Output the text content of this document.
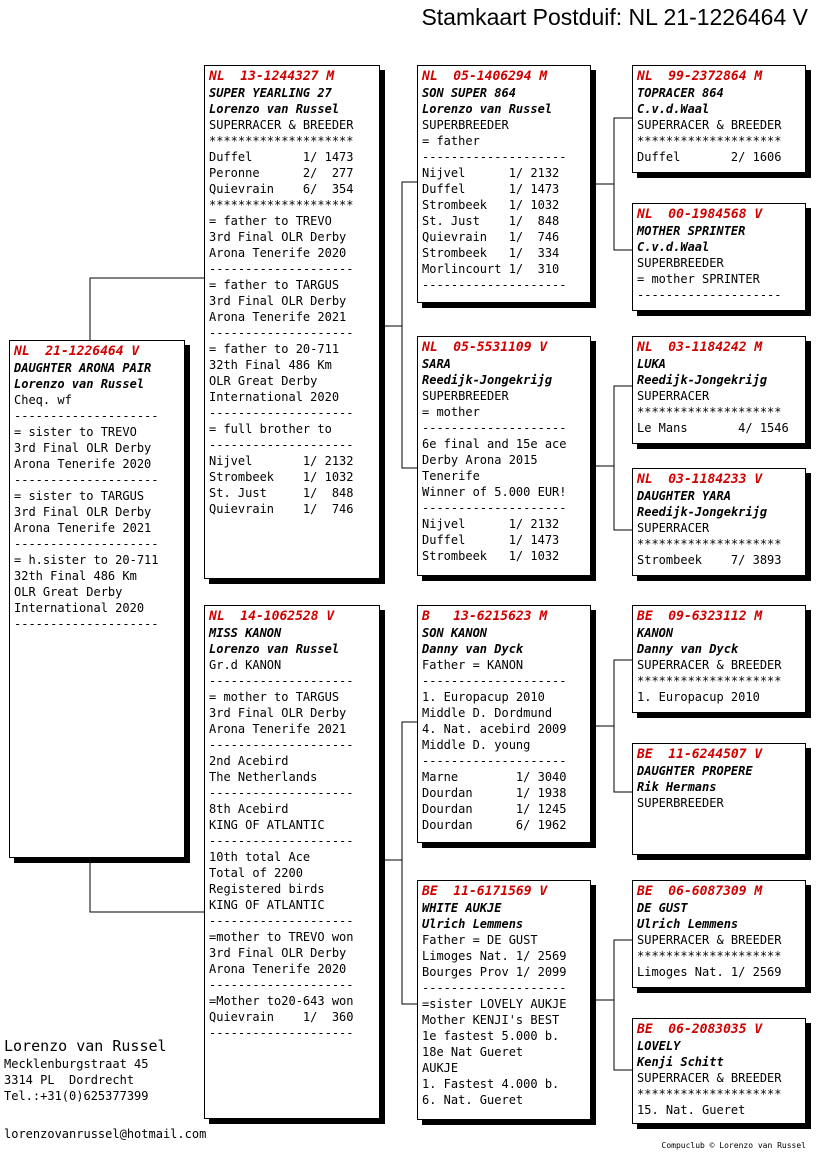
Stamkaart Postduif: NL 21-1226464 V
NL  21-1226464 V
DAUGHTER ARONA PAIR
Lorenzo van Russel
Cheq. wf
--------------------
= sister to TREVO
3rd Final OLR Derby
Arona Tenerife 2020
--------------------
= sister to TARGUS
3rd Final OLR Derby
Arona Tenerife 2021
--------------------
= h.sister to 20-711
32th Final 486 Km
OLR Great Derby
International 2020
--------------------
NL  13-1244327 M
SUPER YEARLING 27
Lorenzo van Russel
SUPERRACER & BREEDER
********************
Duffel       1/ 1473
Peronne      2/  277
Quievrain    6/  354
********************
= father to TREVO
3rd Final OLR Derby
Arona Tenerife 2020
--------------------
= father to TARGUS
3rd Final OLR Derby
Arona Tenerife 2021
--------------------
= father to 20-711
32th Final 486 Km
OLR Great Derby
International 2020
--------------------
= full brother to
--------------------
Nijvel       1/ 2132
Strombeek    1/ 1032
St. Just     1/  848
Quievrain    1/  746
NL  14-1062528 V
MISS KANON
Lorenzo van Russel
Gr.d KANON
--------------------
= mother to TARGUS
3rd Final OLR Derby
Arona Tenerife 2021
--------------------
2nd Acebird
The Netherlands
--------------------
8th Acebird
KING OF ATLANTIC
--------------------
10th total Ace
Total of 2200
Registered birds
KING OF ATLANTIC
--------------------
=mother to TREVO won
3rd Final OLR Derby
Arona Tenerife 2020
--------------------
=Mother to20-643 won
Quievrain    1/  360
--------------------
NL  05-1406294 M
SON SUPER 864
Lorenzo van Russel
SUPERBREEDER
= father
--------------------
Nijvel      1/ 2132
Duffel      1/ 1473
Strombeek   1/ 1032
St. Just    1/  848
Quievrain   1/  746
Strombeek   1/  334
Morlincourt 1/  310
--------------------
NL  05-5531109 V
SARA
Reedijk-Jongekrijg
SUPERBREEDER
= mother
--------------------
6e final and 15e ace
Derby Arona 2015
Tenerife
Winner of 5.000 EUR!
--------------------
Nijvel      1/ 2132
Duffel      1/ 1473
Strombeek   1/ 1032
B   13-6215623 M
SON KANON
Danny van Dyck
Father = KANON
--------------------
1. Europacup 2010
Middle D. Dordmund
4. Nat. acebird 2009
Middle D. young
--------------------
Marne        1/ 3040
Dourdan      1/ 1938
Dourdan      1/ 1245
Dourdan      6/ 1962
BE  11-6171569 V
WHITE AUKJE
Ulrich Lemmens
Father = DE GUST
Limoges Nat. 1/ 2569
Bourges Prov 1/ 2099
--------------------
=sister LOVELY AUKJE
Mother KENJI's BEST
1e fastest 5.000 b.
18e Nat Gueret
AUKJE
1. Fastest 4.000 b.
6. Nat. Gueret
NL  99-2372864 M
TOPRACER 864
C.v.d.Waal
SUPERRACER & BREEDER
********************
Duffel       2/ 1606
NL  00-1984568 V
MOTHER SPRINTER
C.v.d.Waal
SUPERBREEDER
= mother SPRINTER
--------------------
NL  03-1184242 M
LUKA
Reedijk-Jongekrijg
SUPERRACER
********************
Le Mans       4/ 1546
NL  03-1184233 V
DAUGHTER YARA
Reedijk-Jongekrijg
SUPERRACER
********************
Strombeek    7/ 3893
BE  09-6323112 M
KANON
Danny van Dyck
SUPERRACER & BREEDER
********************
1. Europacup 2010
BE  11-6244507 V
DAUGHTER PROPERE
Rik Hermans
SUPERBREEDER
BE  06-6087309 M
DE GUST
Ulrich Lemmens
SUPERRACER & BREEDER
********************
Limoges Nat. 1/ 2569
BE  06-2083035 V
LOVELY
Kenji Schitt
SUPERRACER & BREEDER
********************
15. Nat. Gueret
Lorenzo van Russel
Mecklenburgstraat 45
3314 PL  Dordrecht
Tel.:+31(0)625377399
lorenzovanrussel@hotmail.com
Compuclub © Lorenzo van Russel
